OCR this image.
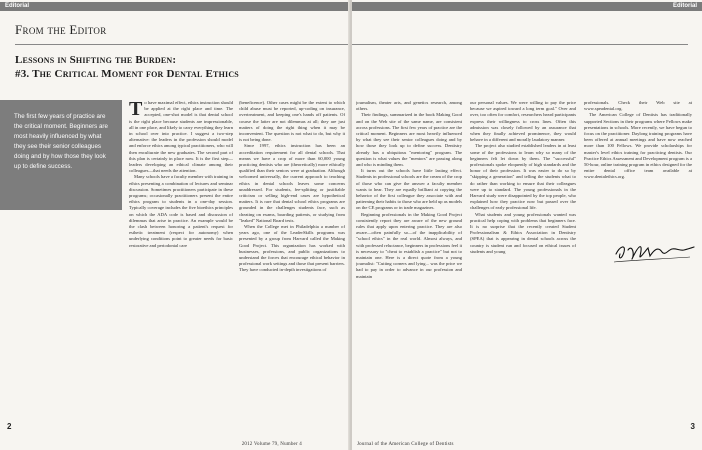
Editorial
From the Editor
Lessons in Shifting the Burden:
#3. The Critical Moment for Dental Ethics
The first few years of practice are the critical moment. Beginners are most heavily influenced by what they see their senior colleagues doing and by how those they look up to define success.

To have maximal effect, ethics instruction should be applied at the right place and time. The accepted, one-shot model is that dental school is the right place because students are impressionable, all in one place, and likely to carry everything they learn in school over into practice. I suggest a two-step alternative: the leaders in the profession should model and enforce ethics among typical practitioners, who will then enculturate the new graduates. The second part of this plan is certainly in place now. It is the first step—leaders developing an ethical climate among their colleagues—that needs the attention.

Many schools have a faculty member with training in ethics presenting a combination of lectures and seminar discussion. Sometimes practitioners participate in these programs; occasionally practitioners present the entire ethics program to students in a one-day session. Typically coverage includes the five bioethics principles on which the ADA code is based and discussion of dilemmas that arise in practice. An example would be the clash between honoring a patient's request for esthetic treatment (respect for autonomy) when underlying conditions point to greater needs for basic restorative and periodontal care

(beneficence). Other cases might be the extent to which child abuse must be reported, up-coding on insurance, overtreatment, and keeping one's hands off patients. Of course the latter are not dilemmas at all; they are just matters of doing the right thing when it may be inconvenient. The question is not what to do, but why it is not being done.

Since 1997, ethics instruction has been an accreditation requirement for all dental schools. That means we have a crop of more than 60,000 young practicing dentists who are (theoretically) more ethically qualified than their seniors were at graduation. Although welcomed universally, the current approach to teaching ethics in dental schools leaves some concerns unaddressed. For students, fee-splitting or justifiable criticism or selling high-end cases are hypothetical matters. It is rare that dental school ethics programs are grounded in the challenges students face, such as cheating on exams, boarding patients, or studying from "leaked" National Board tests.

When the College met in Philadelphia a number of years ago, one of the LeaderSkills programs was presented by a group from Harvard called the Making Good Project. This organization has worked with businesses, professions, and public organizations to understand the forces that encourage ethical behavior in professional work settings and those that present barriers. They have conducted in-depth investigations of

2
2012 Volume 79, Number 4
Editorial

journalism, theater arts, and genetics research, among others.

Their findings, summarized in the book Making Good and on the Web site of the same name, are consistent across professions. The first few years of practice are the critical moment. Beginners are most heavily influenced by what they see their senior colleagues doing and by how those they look up to define success. Dentistry already has a ubiquitous "mentoring" program. The question is what values the "mentors" are passing along and who is minding them.

It turns out the schools have little lasting effect. Students in professional schools are the cream of the crop of those who can give the answer a faculty member wants to hear. They are equally brilliant at copying the behavior of the first colleague they associate with and patterning their habits to those who are held up as models on the CE programs or in trade magazines.

Beginning professionals in the Making Good Project consistently report they are aware of the new ground rules that apply upon entering practice. They are also aware—often painfully so—of the inapplicability of "school ethics" in the real world. Almost always, and with professed reluctance, beginners in professions feel it is necessary to "cheat to establish a practice" but not to maintain one. Here is a direct quote from a young journalist: "Cutting corners and lying... was the price we had to pay in order to advance in our profession and maintain

our personal values. We were willing to pay the price because we aspired toward a long term goal." Over and over, too often for comfort, researchers heard participants express their willingness to cross lines. Often this admission was closely followed by an assurance that when they finally achieved prominence, they would behave in a different and morally laudatory manner.

The project also studied established leaders in at least some of the professions to learn why so many of the beginners felt let down by them. The "successful" professionals spoke eloquently of high standards and the honor of their profession. It was easier to do so by "skipping a generation" and telling the students what to do rather than working to ensure that their colleagues were up to standard. The young professionals in the Harvard study were disappointed by the top people, who explained how they practice now but passed over the challenges of early professional life.

What students and young professionals wanted was practical help coping with problems that beginners face. It is no surprise that the recently created Student Professionalism & Ethics Association in Dentistry (SPEA) that is appearing in dental schools across the country is student run and focused on ethical issues of students and young

professionals. Check their Web site at www.speadental.org.

The American College of Dentists has traditionally supported Sections in their programs where Fellows make presentations in schools. More recently, we have begun to focus on the practitioner. Daylong training programs have been offered at annual meetings and have now reached more than 100 Fellows. We provide scholarships for master's level ethics training for practicing dentists. Our Practice Ethics Assessment and Development program is a 50-hour, online training program in ethics designed for the entire dental office team available at www.dentalethics.org.

3
Journal of the American College of Dentists
